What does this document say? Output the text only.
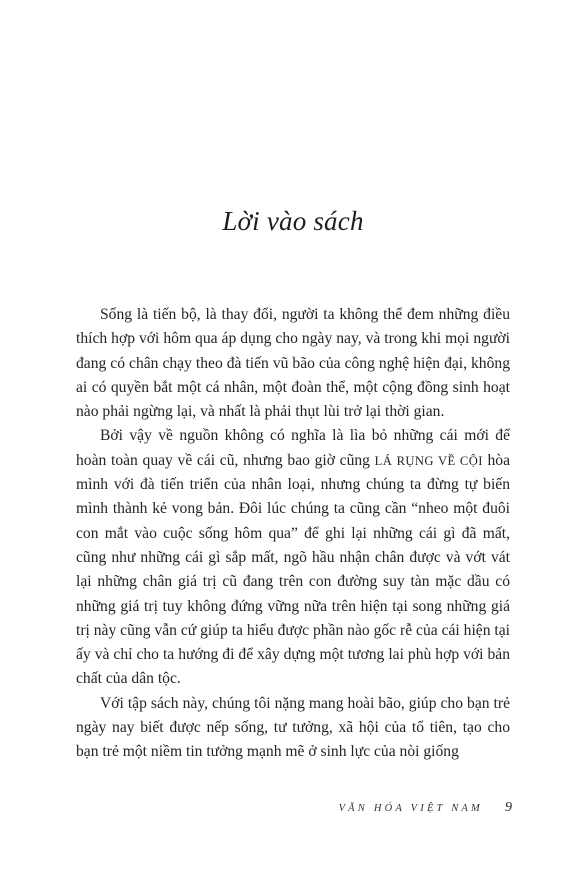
Lời vào sách

Sống là tiến bộ, là thay đổi, người ta không thể đem những điều thích hợp với hôm qua áp dụng cho ngày nay, và trong khi mọi người đang có chân chạy theo đà tiến vũ bão của công nghệ hiện đại, không ai có quyền bắt một cá nhân, một đoàn thể, một cộng đồng sinh hoạt nào phải ngừng lại, và nhất là phải thụt lùi trở lại thời gian.

Bởi vậy về nguồn không có nghĩa là lìa bỏ những cái mới để hoàn toàn quay về cái cũ, nhưng bao giờ cũng LÁ RỤNG VỀ CỘI hòa mình với đà tiến triển của nhân loại, nhưng chúng ta đừng tự biến mình thành kẻ vong bản. Đôi lúc chúng ta cũng cần “nheo một đuôi con mắt vào cuộc sống hôm qua” để ghi lại những cái gì đã mất, cũng như những cái gì sắp mất, ngõ hầu nhận chân được và vớt vát lại những chân giá trị cũ đang trên con đường suy tàn mặc dầu có những giá trị tuy không đứng vững nữa trên hiện tại song những giá trị này cũng vẫn cứ giúp ta hiểu được phần nào gốc rễ của cái hiện tại ấy và chỉ cho ta hướng đi để xây dựng một tương lai phù hợp với bản chất của dân tộc.

Với tập sách này, chúng tôi nặng mang hoài bão, giúp cho bạn trẻ ngày nay biết được nếp sống, tư tưởng, xã hội của tổ tiên, tạo cho bạn trẻ một niềm tin tưởng mạnh mẽ ở sinh lực của nòi giống

VĂN HÓA VIỆT NAM 9
